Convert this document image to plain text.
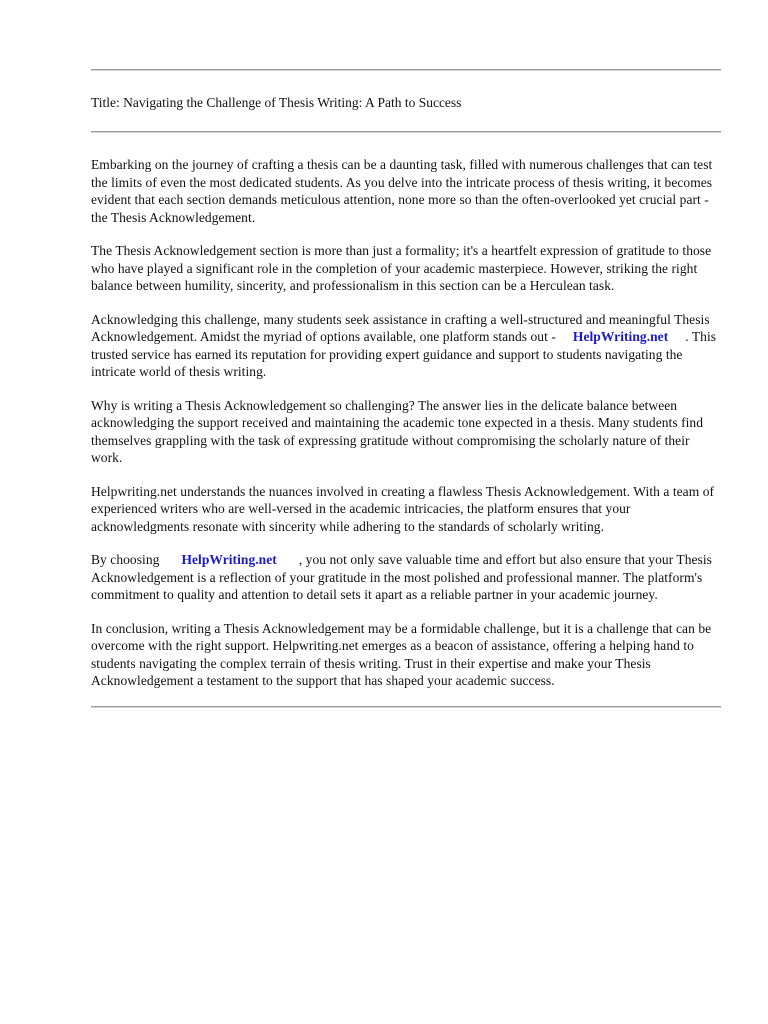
Title: Navigating the Challenge of Thesis Writing: A Path to Success

Embarking on the journey of crafting a thesis can be a daunting task, filled with numerous challenges that can test the limits of even the most dedicated students. As you delve into the intricate process of thesis writing, it becomes evident that each section demands meticulous attention, none more so than the often-overlooked yet crucial part - the Thesis Acknowledgement.

The Thesis Acknowledgement section is more than just a formality; it's a heartfelt expression of gratitude to those who have played a significant role in the completion of your academic masterpiece. However, striking the right balance between humility, sincerity, and professionalism in this section can be a Herculean task.

Acknowledging this challenge, many students seek assistance in crafting a well-structured and meaningful Thesis Acknowledgement. Amidst the myriad of options available, one platform stands out - HelpWriting.net . This trusted service has earned its reputation for providing expert guidance and support to students navigating the intricate world of thesis writing.

Why is writing a Thesis Acknowledgement so challenging? The answer lies in the delicate balance between acknowledging the support received and maintaining the academic tone expected in a thesis. Many students find themselves grappling with the task of expressing gratitude without compromising the scholarly nature of their work.

Helpwriting.net understands the nuances involved in creating a flawless Thesis Acknowledgement. With a team of experienced writers who are well-versed in the academic intricacies, the platform ensures that your acknowledgments resonate with sincerity while adhering to the standards of scholarly writing.

By choosing HelpWriting.net , you not only save valuable time and effort but also ensure that your Thesis Acknowledgement is a reflection of your gratitude in the most polished and professional manner. The platform's commitment to quality and attention to detail sets it apart as a reliable partner in your academic journey.

In conclusion, writing a Thesis Acknowledgement may be a formidable challenge, but it is a challenge that can be overcome with the right support. Helpwriting.net emerges as a beacon of assistance, offering a helping hand to students navigating the complex terrain of thesis writing. Trust in their expertise and make your Thesis Acknowledgement a testament to the support that has shaped your academic success.
